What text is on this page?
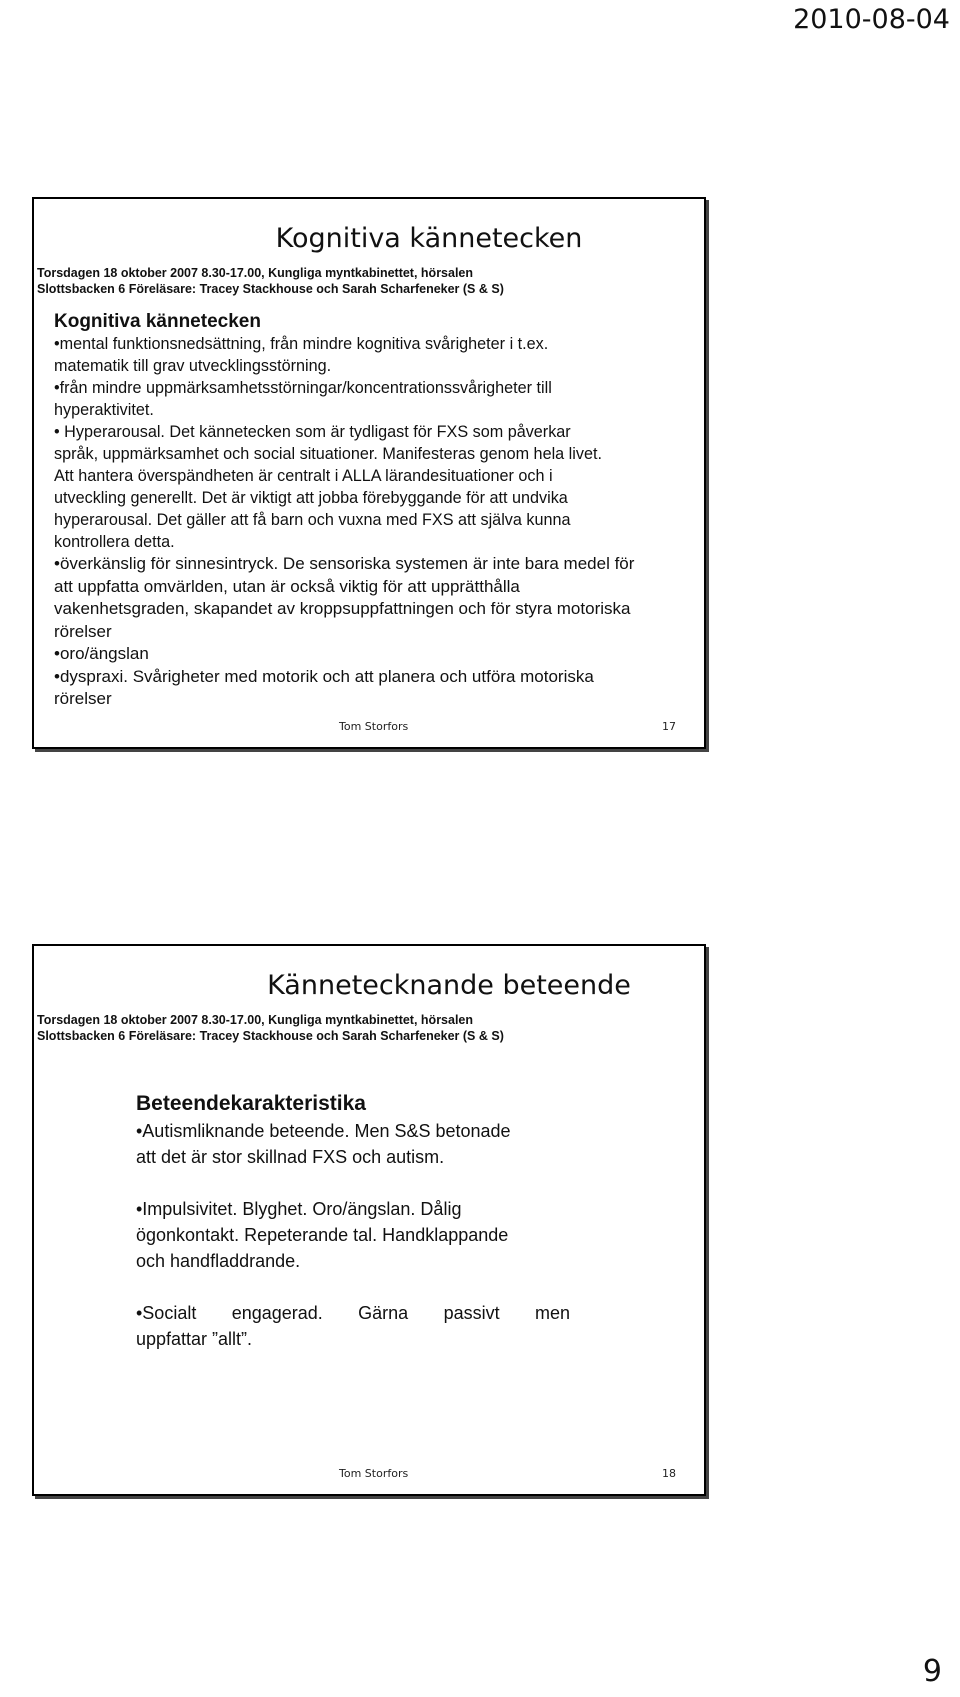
2010-08-04
Kognitiva kännetecken
Torsdagen 18 oktober 2007 8.30-17.00, Kungliga myntkabinettet, hörsalen
Slottsbacken 6 Föreläsare: Tracey Stackhouse och Sarah Scharfeneker (S & S)

Kognitiva kännetecken

•mental funktionsnedsättning, från mindre kognitiva svårigheter i t.ex.

matematik till grav utvecklingsstörning.

•från mindre uppmärksamhetsstörningar/koncentrationssvårigheter till

hyperaktivitet.

• Hyperarousal. Det kännetecken som är tydligast för FXS som påverkar

språk, uppmärksamhet och social situationer. Manifesteras genom hela livet.

Att hantera överspändheten är centralt i ALLA lärandesituationer och i

utveckling generellt. Det är viktigt att jobba förebyggande för att undvika

hyperarousal. Det gäller att få barn och vuxna med FXS att själva kunna

kontrollera detta.

•överkänslig för sinnesintryck. De sensoriska systemen är inte bara medel för

att uppfatta omvärlden, utan är också viktig för att upprätthålla

vakenhetsgraden, skapandet av kroppsuppfattningen och för styra motoriska

rörelser

•oro/ängslan

•dyspraxi. Svårigheter med motorik och att planera och utföra motoriska

rörelser

Tom Storfors	17
Kännetecknande beteende
Torsdagen 18 oktober 2007 8.30-17.00, Kungliga myntkabinettet, hörsalen
Slottsbacken 6 Föreläsare: Tracey Stackhouse och Sarah Scharfeneker (S & S)

Beteendekarakteristika

•Autismliknande beteende. Men S&S betonade

att det är stor skillnad FXS och autism.

•Impulsivitet. Blyghet. Oro/ängslan. Dålig

ögonkontakt. Repeterande tal. Handklappande

och handfladdrande.

•Socialt engagerad. Gärna passivt men

uppfattar ”allt”.

Tom Storfors	18
9
